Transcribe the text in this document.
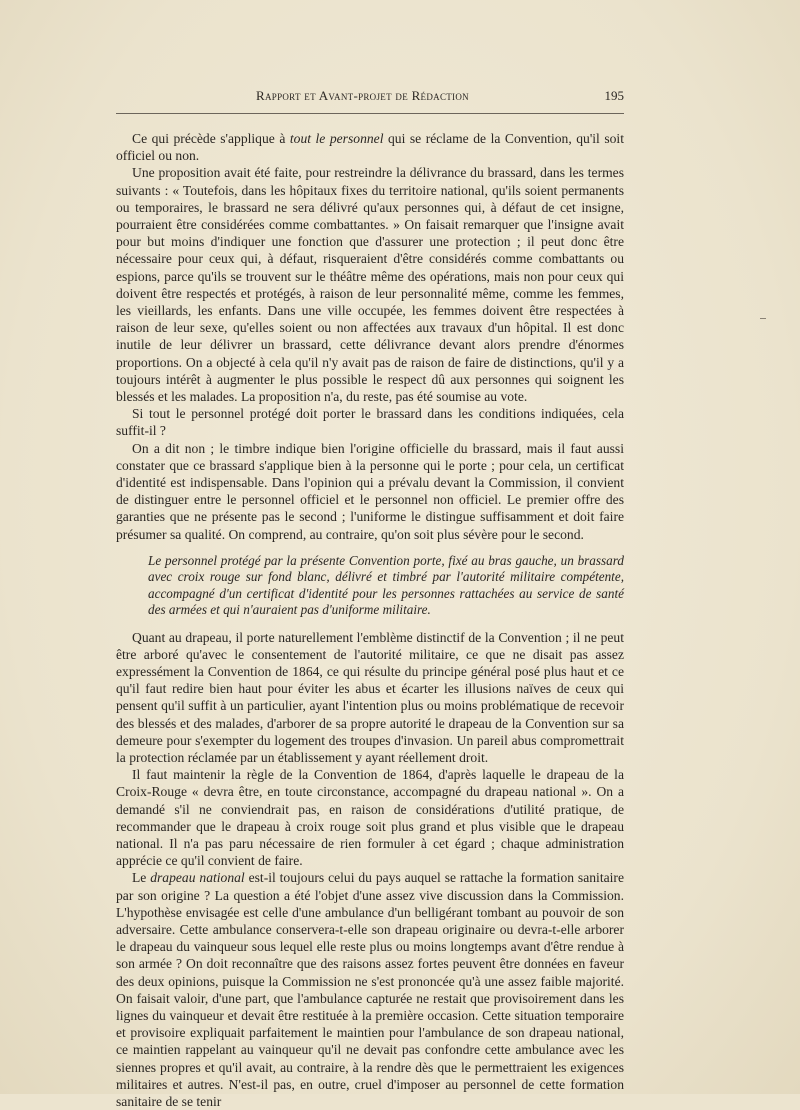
Rapport et Avant-projet de Rédaction	195

Ce qui précède s'applique à tout le personnel qui se réclame de la Convention, qu'il soit officiel ou non.

Une proposition avait été faite, pour restreindre la délivrance du brassard, dans les termes suivants : « Toutefois, dans les hôpitaux fixes du territoire national, qu'ils soient permanents ou temporaires, le brassard ne sera délivré qu'aux personnes qui, à défaut de cet insigne, pourraient être considérées comme combattantes. » On faisait remarquer que l'insigne avait pour but moins d'indiquer une fonction que d'assurer une protection ; il peut donc être nécessaire pour ceux qui, à défaut, risqueraient d'être considérés comme combattants ou espions, parce qu'ils se trouvent sur le théâtre même des opérations, mais non pour ceux qui doivent être respectés et protégés, à raison de leur personnalité même, comme les femmes, les vieillards, les enfants. Dans une ville occupée, les femmes doivent être respectées à raison de leur sexe, qu'elles soient ou non affectées aux travaux d'un hôpital. Il est donc inutile de leur délivrer un brassard, cette délivrance devant alors prendre d'énormes proportions. On a objecté à cela qu'il n'y avait pas de raison de faire de distinctions, qu'il y a toujours intérêt à augmenter le plus possible le respect dû aux personnes qui soignent les blessés et les malades. La proposition n'a, du reste, pas été soumise au vote.

Si tout le personnel protégé doit porter le brassard dans les conditions indiquées, cela suffit-il ?

On a dit non ; le timbre indique bien l'origine officielle du brassard, mais il faut aussi constater que ce brassard s'applique bien à la personne qui le porte ; pour cela, un certificat d'identité est indispensable. Dans l'opinion qui a prévalu devant la Commission, il convient de distinguer entre le personnel officiel et le personnel non officiel. Le premier offre des garanties que ne présente pas le second ; l'uniforme le distingue suffisamment et doit faire présumer sa qualité. On comprend, au contraire, qu'on soit plus sévère pour le second.

Le personnel protégé par la présente Convention porte, fixé au bras gauche, un brassard avec croix rouge sur fond blanc, délivré et timbré par l'autorité militaire compétente, accompagné d'un certificat d'identité pour les personnes rattachées au service de santé des armées et qui n'auraient pas d'uniforme militaire.

Quant au drapeau, il porte naturellement l'emblème distinctif de la Convention ; il ne peut être arboré qu'avec le consentement de l'autorité militaire, ce que ne disait pas assez expressément la Convention de 1864, ce qui résulte du principe général posé plus haut et ce qu'il faut redire bien haut pour éviter les abus et écarter les illusions naïves de ceux qui pensent qu'il suffit à un particulier, ayant l'intention plus ou moins problématique de recevoir des blessés et des malades, d'arborer de sa propre autorité le drapeau de la Convention sur sa demeure pour s'exempter du logement des troupes d'invasion. Un pareil abus compromettrait la protection réclamée par un établissement y ayant réellement droit.

Il faut maintenir la règle de la Convention de 1864, d'après laquelle le drapeau de la Croix-Rouge « devra être, en toute circonstance, accompagné du drapeau national ». On a demandé s'il ne conviendrait pas, en raison de considérations d'utilité pratique, de recommander que le drapeau à croix rouge soit plus grand et plus visible que le drapeau national. Il n'a pas paru nécessaire de rien formuler à cet égard ; chaque administration apprécie ce qu'il convient de faire.

Le drapeau national est-il toujours celui du pays auquel se rattache la formation sanitaire par son origine ? La question a été l'objet d'une assez vive discussion dans la Commission. L'hypothèse envisagée est celle d'une ambulance d'un belligérant tombant au pouvoir de son adversaire. Cette ambulance conservera-t-elle son drapeau originaire ou devra-t-elle arborer le drapeau du vainqueur sous lequel elle reste plus ou moins longtemps avant d'être rendue à son armée ? On doit reconnaître que des raisons assez fortes peuvent être données en faveur des deux opinions, puisque la Commission ne s'est prononcée qu'à une assez faible majorité. On faisait valoir, d'une part, que l'ambulance capturée ne restait que provisoirement dans les lignes du vainqueur et devait être restituée à la première occasion. Cette situation temporaire et provisoire expliquait parfaitement le maintien pour l'ambulance de son drapeau national, ce maintien rappelant au vainqueur qu'il ne devait pas confondre cette ambulance avec les siennes propres et qu'il avait, au contraire, à la rendre dès que le permettraient les exigences militaires et autres. N'est-il pas, en outre, cruel d'imposer au personnel de cette formation sanitaire de se tenir
